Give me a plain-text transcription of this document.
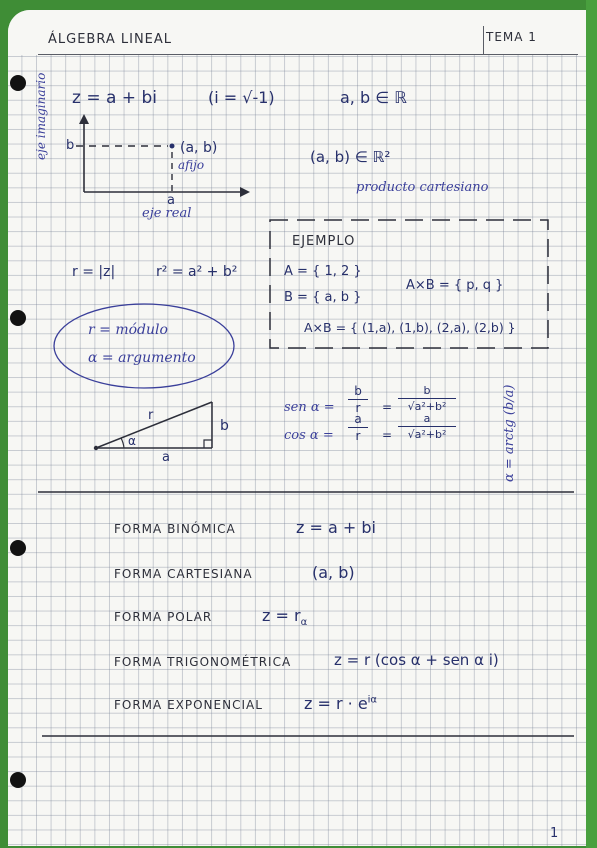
ÁLGEBRA LINEAL	TEMA 1
z = a + bi	(i = √-1)	a, b ∈ ℝ
eje imaginario
eje real
b
a
(a, b)
afijo	(a, b) ∈ ℝ²
producto cartesiano
EJEMPLO
A = { 1, 2 }
B = { a, b }
A×B = { p, q }
A×B = { (1,a), (1,b), (2,a), (2,b) }
r = |z|	r² = a² + b²
r = módulo
α = argumento
r
α
a
b
sen α =
b
r	=
b
√a²+b²
cos α =
a
r	=
a
√a²+b²	α = arctg (b/a)
FORMA BINÓMICA	z = a + bi
FORMA CARTESIANA	(a, b)
FORMA POLAR	$z = r_\alpha$
FORMA TRIGONOMÉTRICA	z = r (cos α + sen α i)
FORMA EXPONENCIAL	$z = r \cdot e^{i\alpha}$
1
